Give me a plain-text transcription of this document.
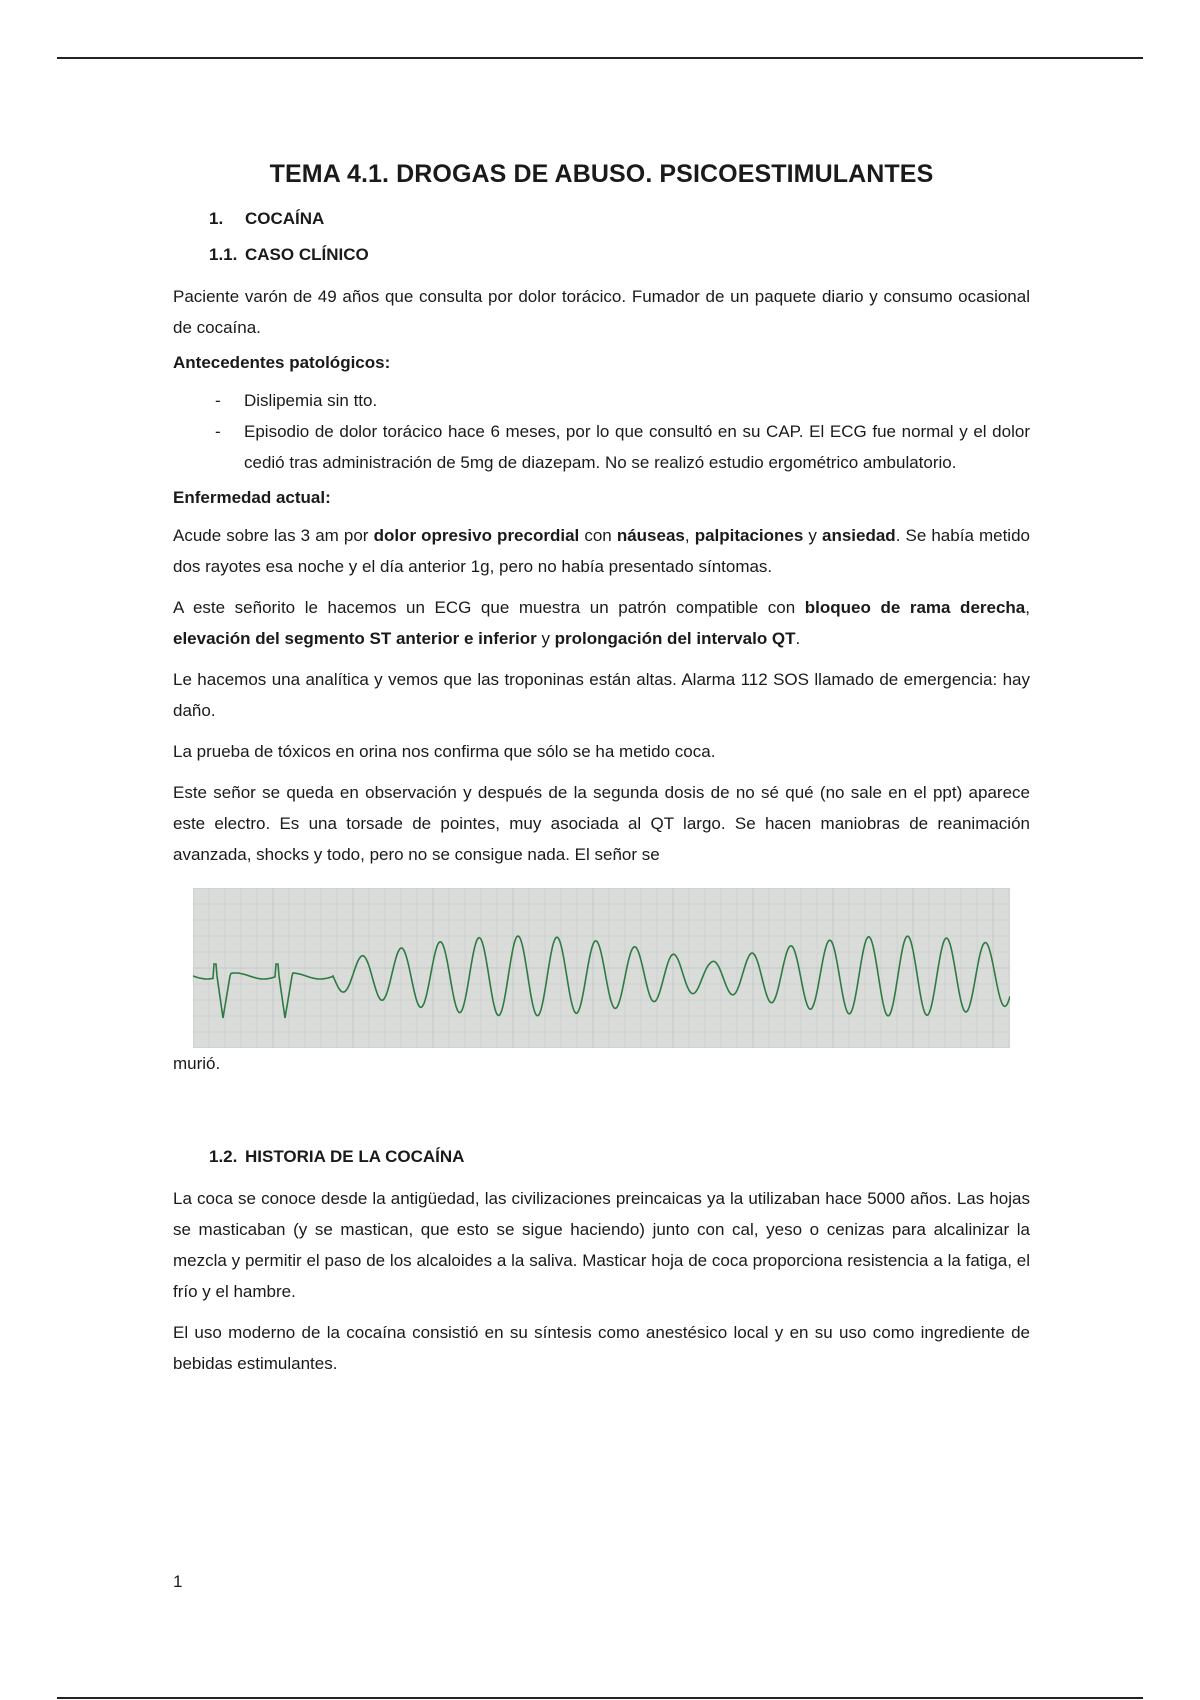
TEMA 4.1. DROGAS DE ABUSO. PSICOESTIMULANTES
1. COCAÍNA
1.1. CASO CLÍNICO

Paciente varón de 49 años que consulta por dolor torácico. Fumador de un paquete diario y consumo ocasional de cocaína.

Antecedentes patológicos:
- Dislipemia sin tto.
- Episodio de dolor torácico hace 6 meses, por lo que consultó en su CAP. El ECG fue normal y el dolor cedió tras administración de 5mg de diazepam. No se realizó estudio ergométrico ambulatorio.
Enfermedad actual:

Acude sobre las 3 am por dolor opresivo precordial con náuseas, palpitaciones y ansiedad. Se había metido dos rayotes esa noche y el día anterior 1g, pero no había presentado síntomas.

A este señorito le hacemos un ECG que muestra un patrón compatible con bloqueo de rama derecha, elevación del segmento ST anterior e inferior y prolongación del intervalo QT.

Le hacemos una analítica y vemos que las troponinas están altas. Alarma 112 SOS llamado de emergencia: hay daño.

La prueba de tóxicos en orina nos confirma que sólo se ha metido coca.

Este señor se queda en observación y después de la segunda dosis de no sé qué (no sale en el ppt) aparece este electro. Es una torsade de pointes, muy asociada al QT largo. Se hacen maniobras de reanimación avanzada, shocks y todo, pero no se consigue nada. El señor se

murió.

1.2. HISTORIA DE LA COCAÍNA

La coca se conoce desde la antigüedad, las civilizaciones preincaicas ya la utilizaban hace 5000 años. Las hojas se masticaban (y se mastican, que esto se sigue haciendo) junto con cal, yeso o cenizas para alcalinizar la mezcla y permitir el paso de los alcaloides a la saliva. Masticar hoja de coca proporciona resistencia a la fatiga, el frío y el hambre.

El uso moderno de la cocaína consistió en su síntesis como anestésico local y en su uso como ingrediente de bebidas estimulantes.

1
